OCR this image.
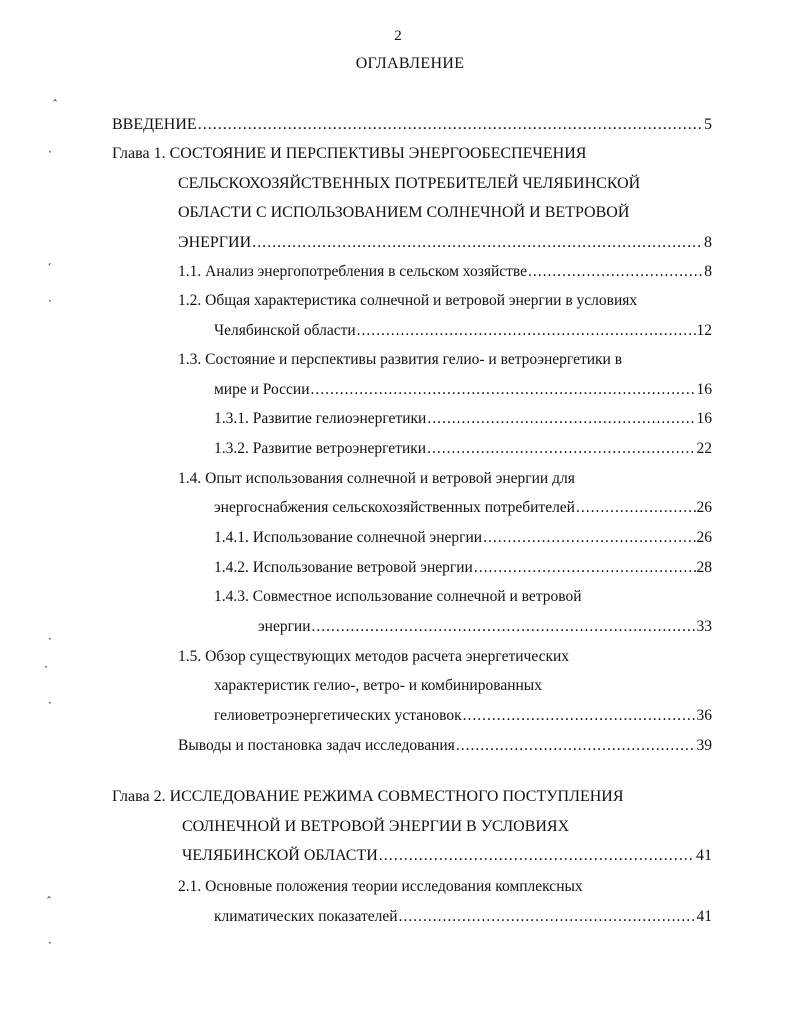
2
ОГЛАВЛЕНИЕ
ВВЕДЕНИЕ .....	5
Глава 1. СОСТОЯНИЕ И ПЕРСПЕКТИВЫ ЭНЕРГООБЕСПЕЧЕНИЯ
СЕЛЬСКОХОЗЯЙСТВЕННЫХ ПОТРЕБИТЕЛЕЙ ЧЕЛЯБИНСКОЙ
ОБЛАСТИ С ИСПОЛЬЗОВАНИЕМ СОЛНЕЧНОЙ И ВЕТРОВОЙ
ЭНЕРГИИ .....	8
1.1. Анализ энергопотребления в сельском хозяйстве .....	8
1.2. Общая характеристика солнечной и ветровой энергии в условиях
Челябинской области .....	12
1.3. Состояние и перспективы развития гелио- и ветроэнергетики в
мире и России .....	16
1.3.1. Развитие гелиоэнергетики .....	16
1.3.2. Развитие ветроэнергетики .....	22
1.4. Опыт использования солнечной и ветровой энергии для
энергоснабжения сельскохозяйственных потребителей .....	26
1.4.1. Использование солнечной энергии .....	26
1.4.2. Использование ветровой энергии .....	28
1.4.3. Совместное использование солнечной и ветровой
энергии .....	33
1.5. Обзор существующих методов расчета энергетических
характеристик гелио-, ветро- и комбинированных
гелиоветроэнергетических установок .....	36
Выводы и постановка задач исследования .....	39
Глава 2. ИССЛЕДОВАНИЕ РЕЖИМА СОВМЕСТНОГО ПОСТУПЛЕНИЯ
СОЛНЕЧНОЙ И ВЕТРОВОЙ ЭНЕРГИИ В УСЛОВИЯХ
ЧЕЛЯБИНСКОЙ ОБЛАСТИ .....	41
2.1. Основные положения теории исследования комплексных
климатических показателей .....	41
ˆ
·
ˊ
·
·
·
·
ˆ
·
